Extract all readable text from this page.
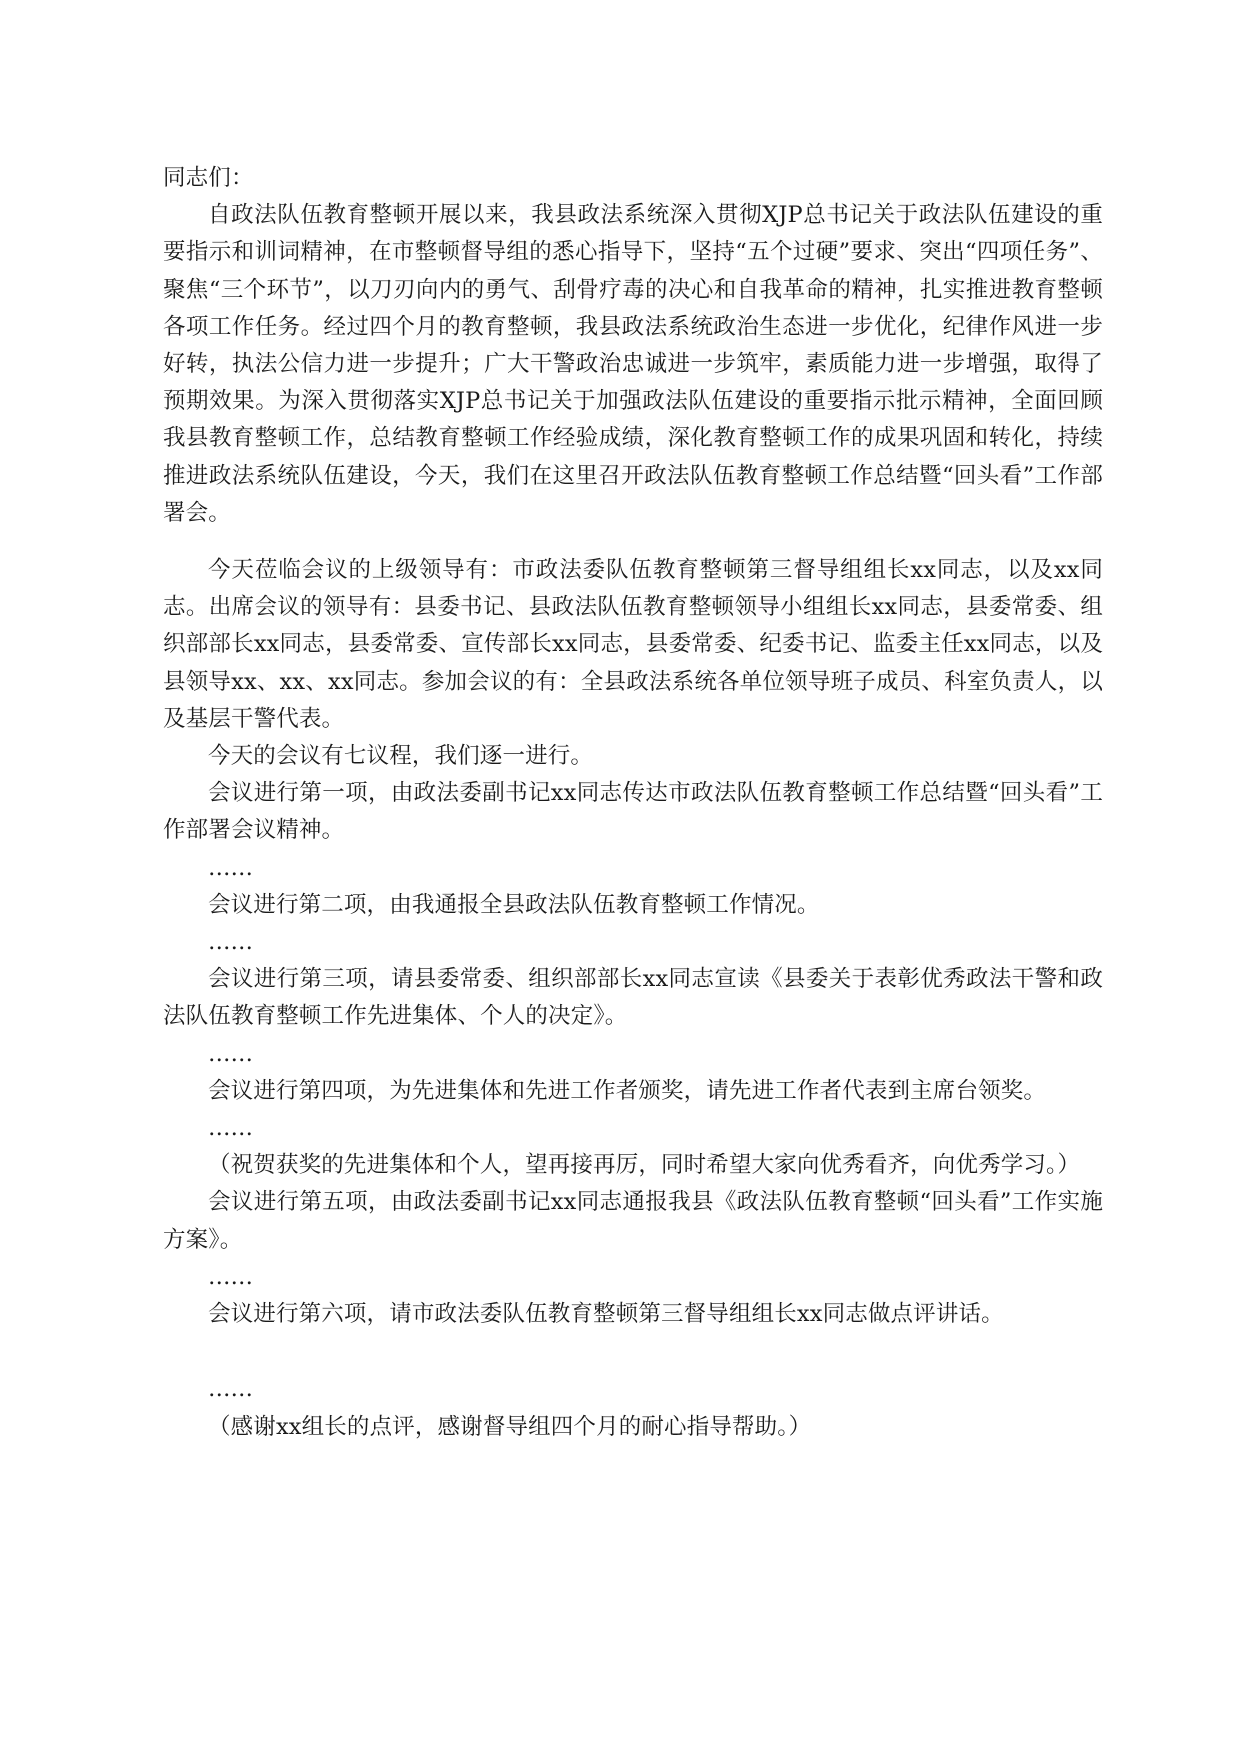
同志们：

自政法队伍教育整顿开展以来，我县政法系统深入贯彻XJP总书记关于政法队伍建设的重要指示和训词精神，在市整顿督导组的悉心指导下，坚持“五个过硬”要求、突出“四项任务”、聚焦“三个环节”，以刀刃向内的勇气、刮骨疗毒的决心和自我革命的精神，扎实推进教育整顿各项工作任务。经过四个月的教育整顿，我县政法系统政治生态进一步优化，纪律作风进一步好转，执法公信力进一步提升；广大干警政治忠诚进一步筑牢，素质能力进一步增强，取得了预期效果。为深入贯彻落实XJP总书记关于加强政法队伍建设的重要指示批示精神，全面回顾我县教育整顿工作，总结教育整顿工作经验成绩，深化教育整顿工作的成果巩固和转化，持续推进政法系统队伍建设，今天，我们在这里召开政法队伍教育整顿工作总结暨“回头看”工作部署会。

今天莅临会议的上级领导有：市政法委队伍教育整顿第三督导组组长xx同志，以及xx同志。出席会议的领导有：县委书记、县政法队伍教育整顿领导小组组长xx同志，县委常委、组织部部长xx同志，县委常委、宣传部长xx同志，县委常委、纪委书记、监委主任xx同志，以及县领导xx、xx、xx同志。参加会议的有：全县政法系统各单位领导班子成员、科室负责人，以及基层干警代表。

今天的会议有七议程，我们逐一进行。

会议进行第一项，由政法委副书记xx同志传达市政法队伍教育整顿工作总结暨“回头看”工作部署会议精神。

……

会议进行第二项，由我通报全县政法队伍教育整顿工作情况。

……

会议进行第三项，请县委常委、组织部部长xx同志宣读《县委关于表彰优秀政法干警和政法队伍教育整顿工作先进集体、个人的决定》。

……

会议进行第四项，为先进集体和先进工作者颁奖，请先进工作者代表到主席台领奖。

……

（祝贺获奖的先进集体和个人，望再接再厉，同时希望大家向优秀看齐，向优秀学习。）

会议进行第五项，由政法委副书记xx同志通报我县《政法队伍教育整顿“回头看”工作实施方案》。

……

会议进行第六项，请市政法委队伍教育整顿第三督导组组长xx同志做点评讲话。

……

（感谢xx组长的点评，感谢督导组四个月的耐心指导帮助。）
